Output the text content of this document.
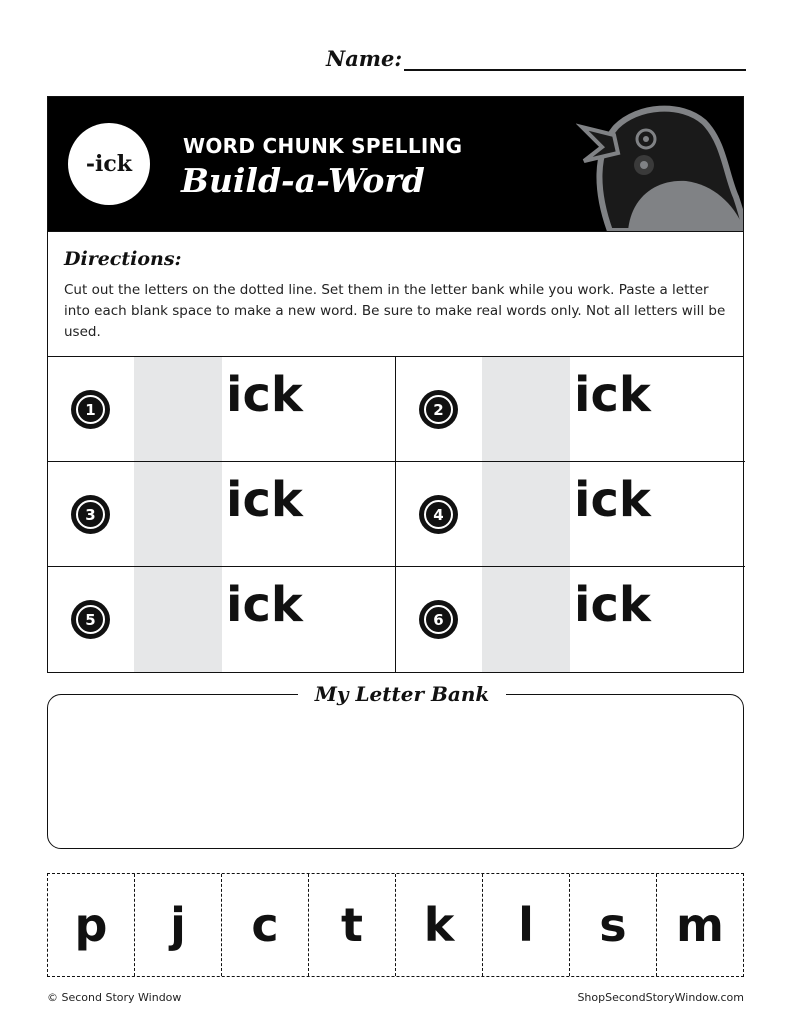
Name:
-ick
WORD CHUNK SPELLING
Build-a-Word
Directions:
Cut out the letters on the dotted line. Set them in the letter bank while you work. Paste a letter into each blank space to make a new word. Be sure to make real words only. Not all letters will be used.
1	ick	2	ick
3	ick	4	ick
5	ick	6	ick
My Letter Bank
p	j	c	t	k	l	s	m
© Second Story Window	ShopSecondStoryWindow.com
